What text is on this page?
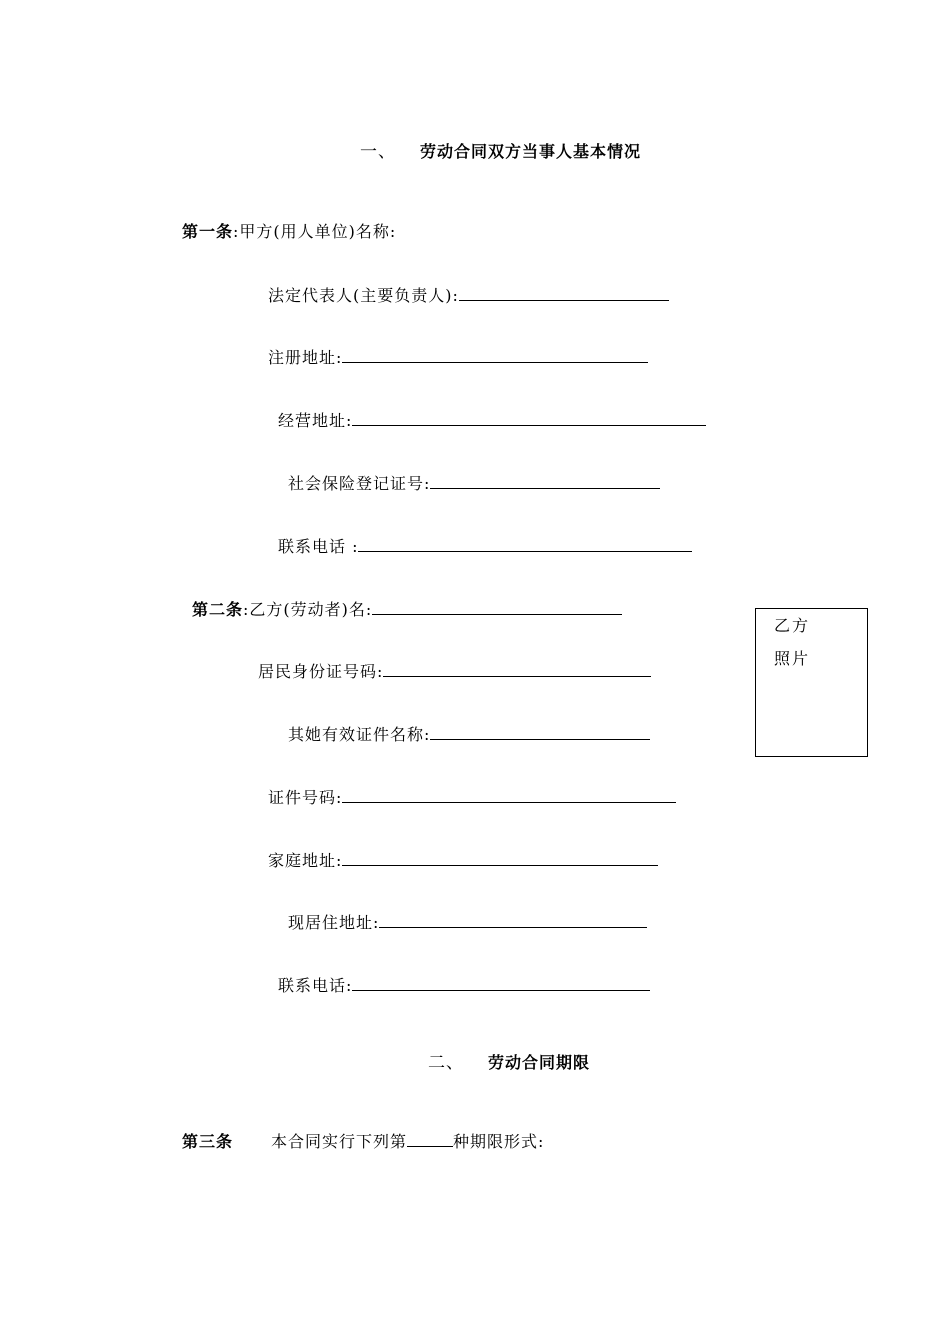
一、 劳动合同双方当事人基本情况
第一条:甲方(用人单位)名称:
法定代表人(主要负责人):
注册地址:
经营地址:
社会保险登记证号:
联系电话 :
第二条:乙方(劳动者)名:
居民身份证号码:
其她有效证件名称:
证件号码:
家庭地址:
现居住地址:
联系电话:
乙方
照片
二、 劳动合同期限
第三条 本合同实行下列第	种期限形式:
